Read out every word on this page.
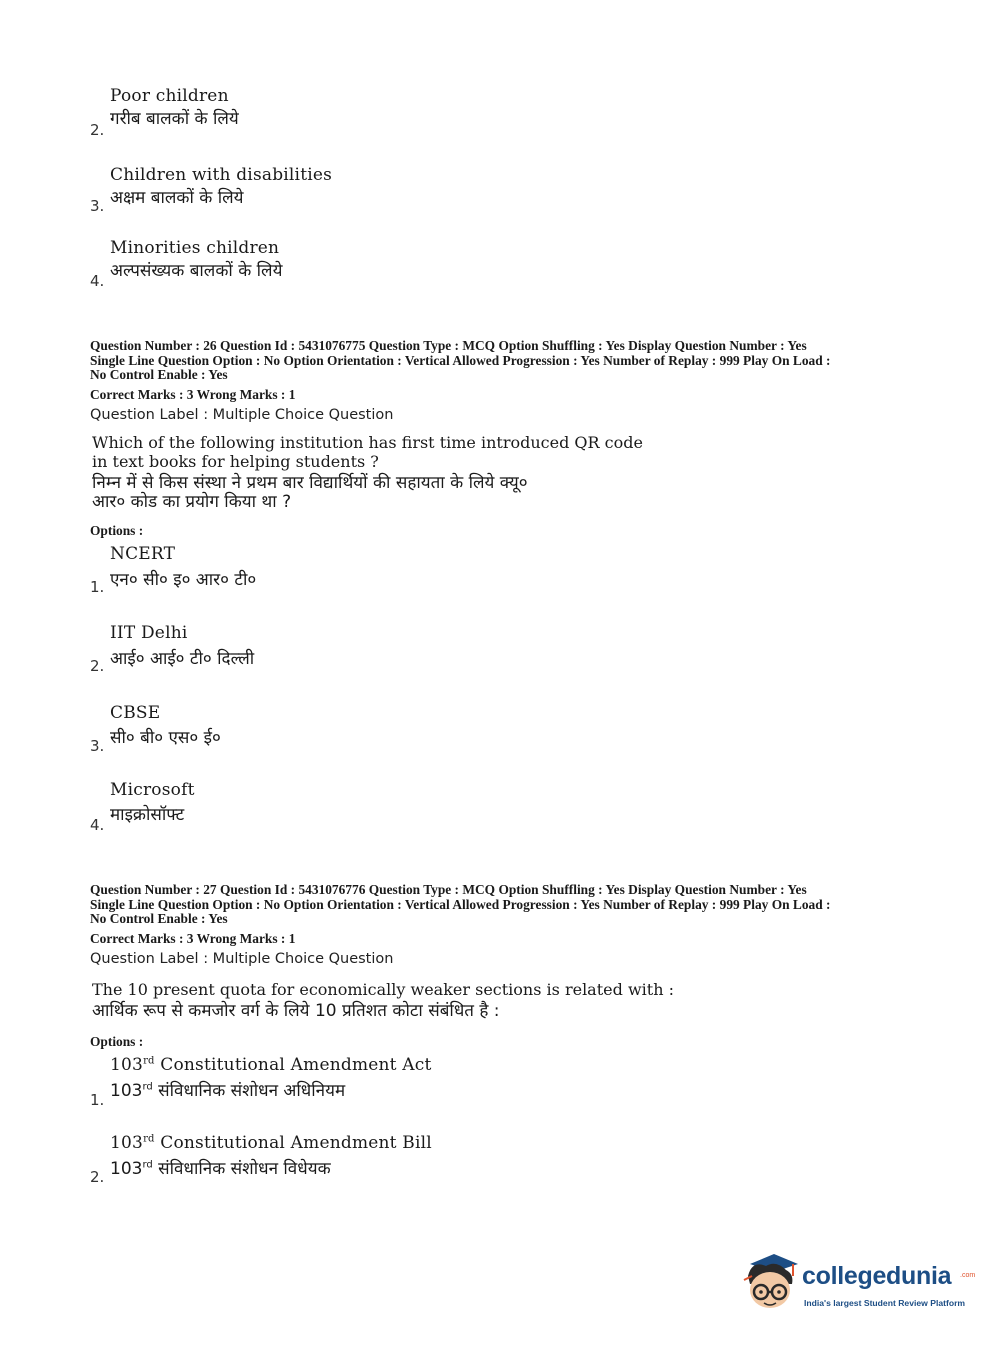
Poor children
गरीब बालकों के लिये
2.
Children with disabilities
अक्षम बालकों के लिये
3.
Minorities children
अल्पसंख्यक बालकों के लिये
4.
Question Number : 26 Question Id : 5431076775 Question Type : MCQ Option Shuffling : Yes Display Question Number : Yes
Single Line Question Option : No Option Orientation : Vertical Allowed Progression : Yes Number of Replay : 999 Play On Load :
No Control Enable : Yes
Correct Marks : 3 Wrong Marks : 1
Question Label : Multiple Choice Question
Which of the following institution has first time introduced QR code
in text books for helping students ?
निम्न में से किस संस्था ने प्रथम बार विद्यार्थियों की सहायता के लिये क्यू०
आर० कोड का प्रयोग किया था ?
Options :
NCERT
एन० सी० इ० आर० टी०
1.
IIT Delhi
आई० आई० टी० दिल्ली
2.
CBSE
सी० बी० एस० ई०
3.
Microsoft
माइक्रोसॉफ्ट
4.
Question Number : 27 Question Id : 5431076776 Question Type : MCQ Option Shuffling : Yes Display Question Number : Yes
Single Line Question Option : No Option Orientation : Vertical Allowed Progression : Yes Number of Replay : 999 Play On Load :
No Control Enable : Yes
Correct Marks : 3 Wrong Marks : 1
Question Label : Multiple Choice Question
The 10 present quota for economically weaker sections is related with :
आर्थिक रूप से कमजोर वर्ग के लिये 10 प्रतिशत कोटा संबंधित है :
Options :
103rd Constitutional Amendment Act
103rd संविधानिक संशोधन अधिनियम
1.
103rd Constitutional Amendment Bill
103rd संविधानिक संशोधन विधेयक
2.
collegedunia .com
India's largest Student Review Platform
